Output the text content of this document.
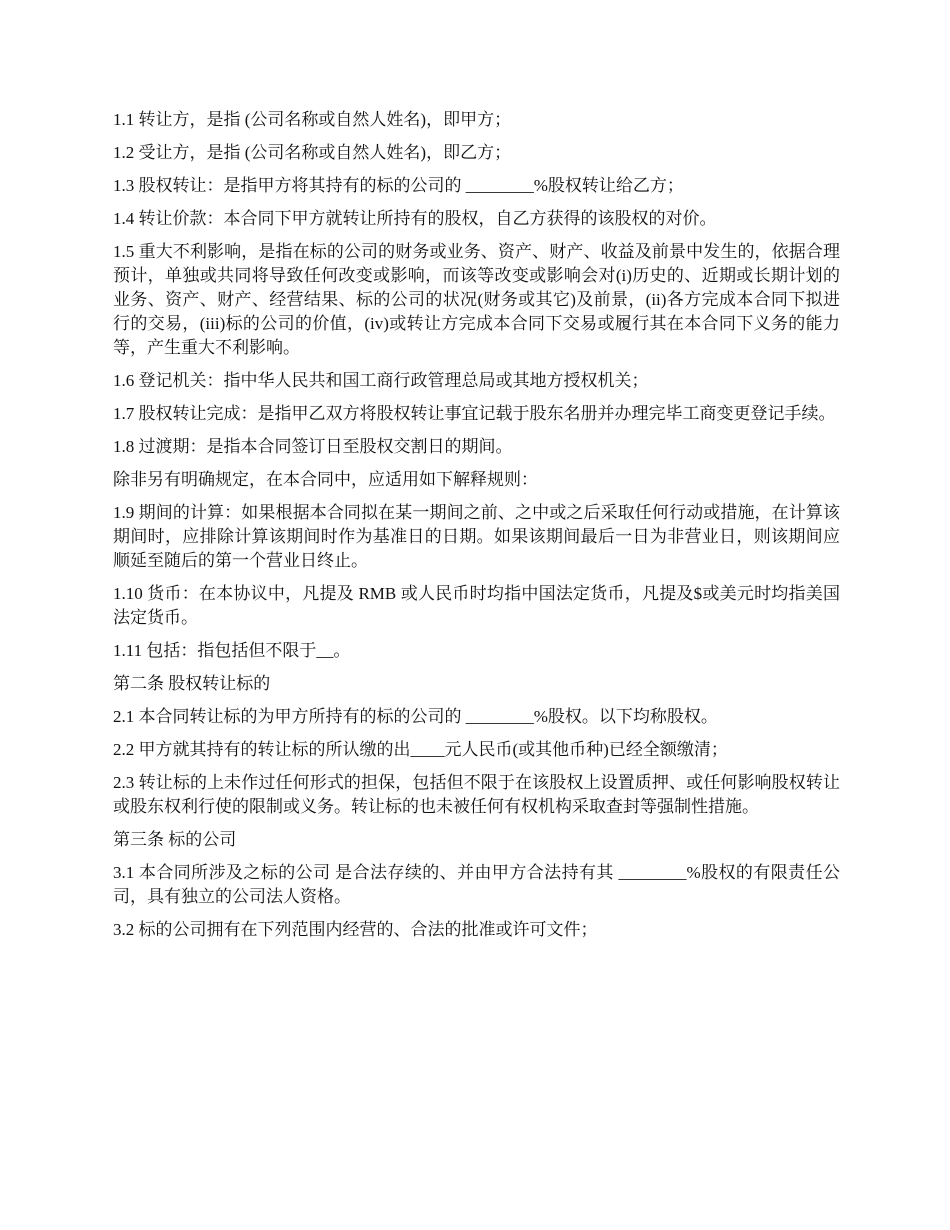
1.1 转让方，是指 (公司名称或自然人姓名)，即甲方；

1.2 受让方，是指 (公司名称或自然人姓名)，即乙方；

1.3 股权转让：是指甲方将其持有的标的公司的 ________%股权转让给乙方；

1.4 转让价款：本合同下甲方就转让所持有的股权，自乙方获得的该股权的对价。

1.5 重大不利影响，是指在标的公司的财务或业务、资产、财产、收益及前景中发生的，依据合理预计，单独或共同将导致任何改变或影响，而该等改变或影响会对(i)历史的、近期或长期计划的业务、资产、财产、经营结果、标的公司的状况(财务或其它)及前景，(ii)各方完成本合同下拟进行的交易，(iii)标的公司的价值，(iv)或转让方完成本合同下交易或履行其在本合同下义务的能力等，产生重大不利影响。

1.6 登记机关：指中华人民共和国工商行政管理总局或其地方授权机关；

1.7 股权转让完成：是指甲乙双方将股权转让事宜记载于股东名册并办理完毕工商变更登记手续。

1.8 过渡期：是指本合同签订日至股权交割日的期间。

除非另有明确规定，在本合同中，应适用如下解释规则：

1.9 期间的计算：如果根据本合同拟在某一期间之前、之中或之后采取任何行动或措施，在计算该期间时，应排除计算该期间时作为基准日的日期。如果该期间最后一日为非营业日，则该期间应顺延至随后的第一个营业日终止。

1.10 货币：在本协议中，凡提及 RMB 或人民币时均指中国法定货币，凡提及$或美元时均指美国法定货币。

1.11 包括：指包括但不限于__。

第二条 股权转让标的

2.1 本合同转让标的为甲方所持有的标的公司的 ________%股权。以下均称股权。

2.2 甲方就其持有的转让标的所认缴的出____元人民币(或其他币种)已经全额缴清；

2.3 转让标的上未作过任何形式的担保，包括但不限于在该股权上设置质押、或任何影响股权转让或股东权利行使的限制或义务。转让标的也未被任何有权机构采取查封等强制性措施。

第三条 标的公司

3.1 本合同所涉及之标的公司 是合法存续的、并由甲方合法持有其 ________%股权的有限责任公司，具有独立的公司法人资格。

3.2 标的公司拥有在下列范围内经营的、合法的批准或许可文件；
